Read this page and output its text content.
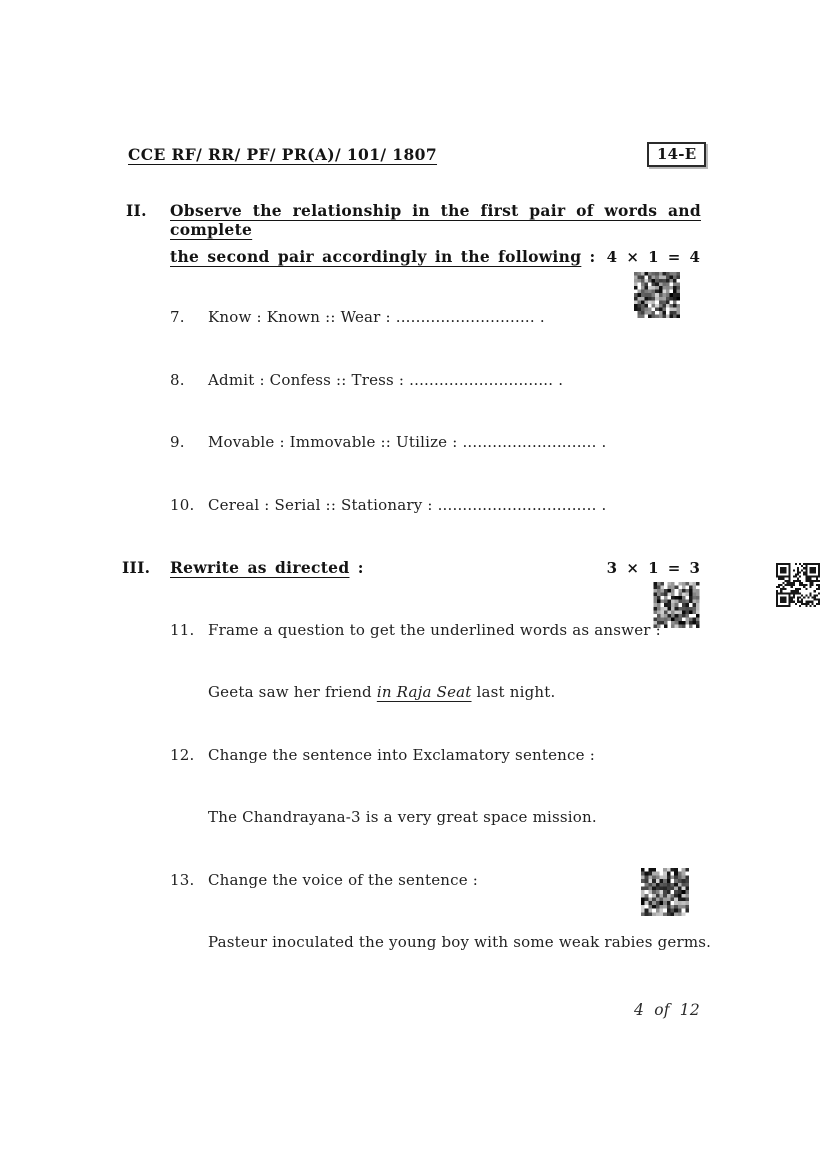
CCE RF/ RR/ PF/ PR(A)/ 101/ 1807	14-E
II. Observe the relationship in the first pair of words and complete
the second pair accordingly in the following : 4 × 1 = 4
7.	Know : Known :: Wear : ............................ .
8.	Admit : Confess :: Tress : ............................. .
9.	Movable : Immovable :: Utilize : ........................... .
10. Cereal : Serial :: Stationary : ................................ .
III. Rewrite as directed :	3 × 1 = 3
11. Frame a question to get the underlined words as answer :
Geeta saw her friend in Raja Seat last night.
12. Change the sentence into Exclamatory sentence :
The Chandrayana-3 is a very great space mission.
13. Change the voice of the sentence :
Pasteur inoculated the young boy with some weak rabies germs.
4 of 12
